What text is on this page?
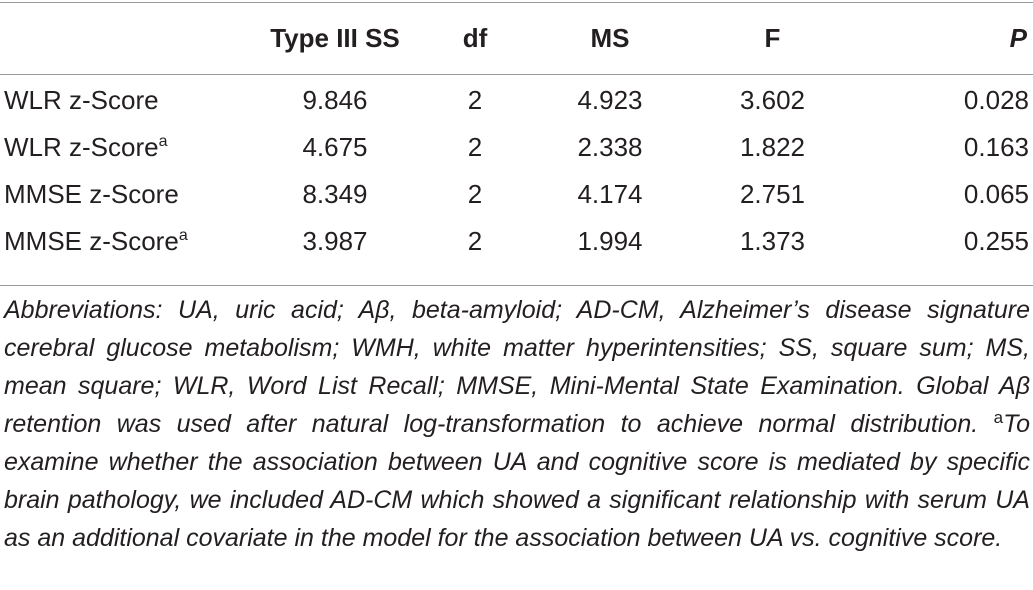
	Type III SS	df	MS	F	P
WLR z-Score	9.846	2	4.923	3.602	0.028
WLR z-Score$^a$	4.675	2	2.338	1.822	0.163
MMSE z-Score	8.349	2	4.174	2.751	0.065
MMSE z-Score$^a$	3.987	2	1.994	1.373	0.255
Abbreviations: UA, uric acid; Aβ, beta-amyloid; AD-CM, Alzheimer’s disease signature cerebral glucose metabolism; WMH, white matter hyperintensities; SS, square sum; MS, mean square; WLR, Word List Recall; MMSE, Mini-Mental State Examination. Global Aβ retention was used after natural log-transformation to achieve normal distribution. $^a$To examine whether the association between UA and cognitive score is mediated by specific brain pathology, we included AD-CM which showed a significant relationship with serum UA as an additional covariate in the model for the association between UA vs. cognitive score.
